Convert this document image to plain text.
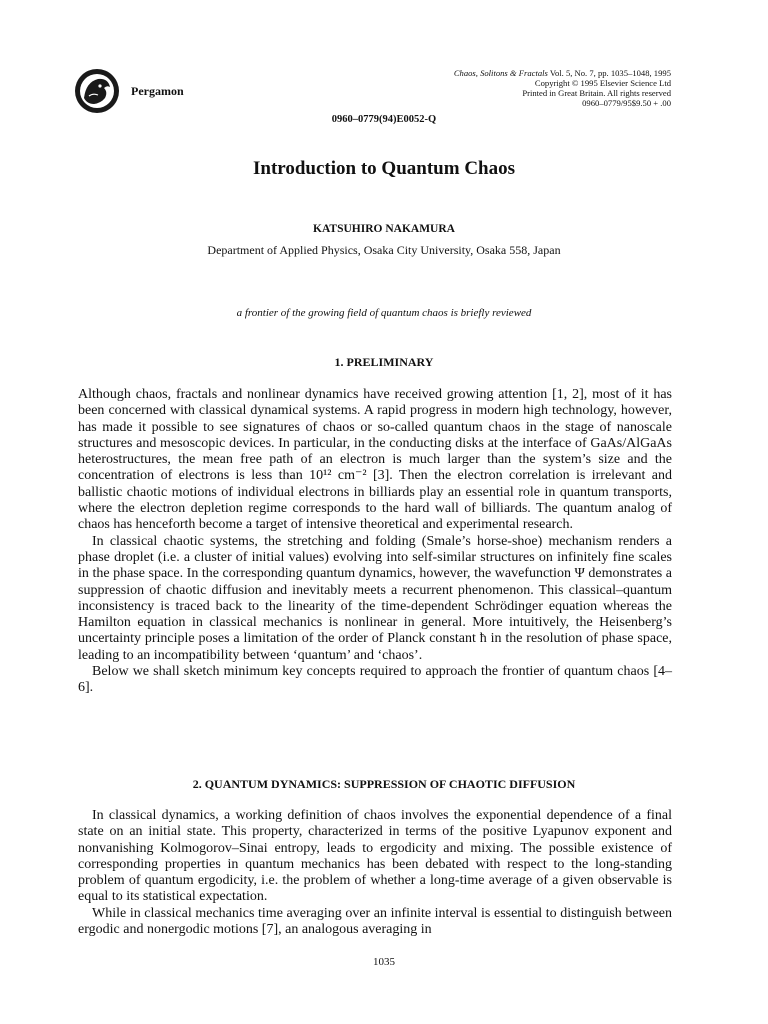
Pergamon
Chaos, Solitons & Fractals Vol. 5, No. 7, pp. 1035–1048, 1995
Copyright © 1995 Elsevier Science Ltd
Printed in Great Britain. All rights reserved
0960–0779/95$9.50 + .00
0960–0779(94)E0052-Q
Introduction to Quantum Chaos
KATSUHIRO NAKAMURA
Department of Applied Physics, Osaka City University, Osaka 558, Japan
a frontier of the growing field of quantum chaos is briefly reviewed
1. PRELIMINARY

Although chaos, fractals and nonlinear dynamics have received growing attention [1, 2], most of it has been concerned with classical dynamical systems. A rapid progress in modern high technology, however, has made it possible to see signatures of chaos or so-called quantum chaos in the stage of nanoscale structures and mesoscopic devices. In particular, in the conducting disks at the interface of GaAs/AlGaAs heterostructures, the mean free path of an electron is much larger than the system’s size and the concentration of electrons is less than 10¹² cm⁻² [3]. Then the electron correlation is irrelevant and ballistic chaotic motions of individual electrons in billiards play an essential role in quantum transports, where the electron depletion regime corresponds to the hard wall of billiards. The quantum analog of chaos has henceforth become a target of intensive theoretical and experimental research.

In classical chaotic systems, the stretching and folding (Smale’s horse-shoe) mechanism renders a phase droplet (i.e. a cluster of initial values) evolving into self-similar structures on infinitely fine scales in the phase space. In the corresponding quantum dynamics, however, the wavefunction Ψ demonstrates a suppression of chaotic diffusion and inevitably meets a recurrent phenomenon. This classical–quantum inconsistency is traced back to the linearity of the time-dependent Schrödinger equation whereas the Hamilton equation in classical mechanics is nonlinear in general. More intuitively, the Heisenberg’s uncertainty principle poses a limitation of the order of Planck constant ħ in the resolution of phase space, leading to an incompatibility between ‘quantum’ and ‘chaos’.

Below we shall sketch minimum key concepts required to approach the frontier of quantum chaos [4–6].

2. QUANTUM DYNAMICS: SUPPRESSION OF CHAOTIC DIFFUSION

In classical dynamics, a working definition of chaos involves the exponential dependence of a final state on an initial state. This property, characterized in terms of the positive Lyapunov exponent and nonvanishing Kolmogorov–Sinai entropy, leads to ergodicity and mixing. The possible existence of corresponding properties in quantum mechanics has been debated with respect to the long-standing problem of quantum ergodicity, i.e. the problem of whether a long-time average of a given observable is equal to its statistical expectation.

While in classical mechanics time averaging over an infinite interval is essential to distinguish between ergodic and nonergodic motions [7], an analogous averaging in

1035
